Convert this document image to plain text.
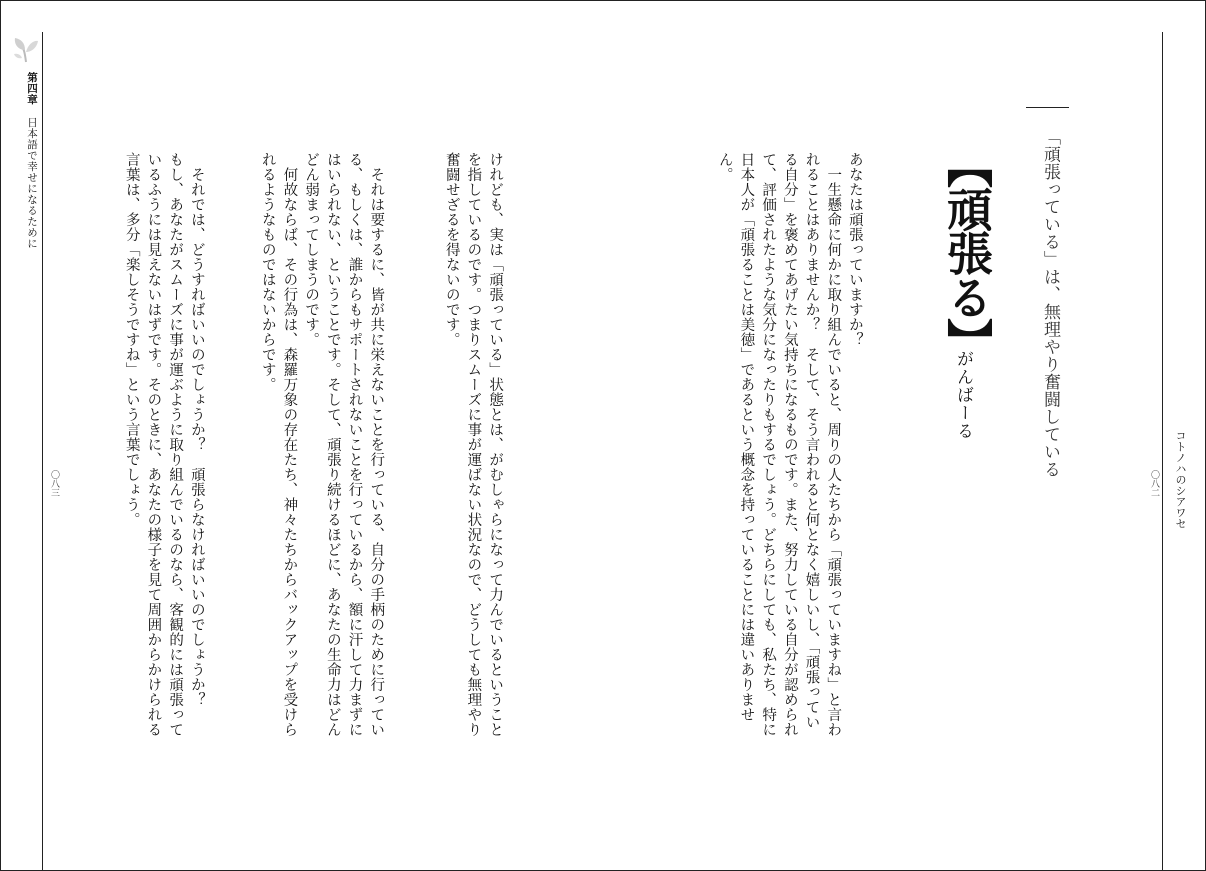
第四章日本語で幸せになるために
コトノハのシアワセ
〇八三	〇八二
「頑張っている」は、無理やり奮闘している
【頑張る】
がんばーる

あなたは頑張っていますか？

一生懸命に何かに取り組んでいると、周りの人たちから「頑張っていますね」と言われることはありませんか？　そして、そう言われると何となく嬉しいし、「頑張っている自分」を褒めてあげたい気持ちになるものです。また、努力している自分が認められて、評価されたような気分になったりもするでしょう。どちらにしても、私たち、特に日本人が「頑張ることは美徳」であるという概念を持っていることには違いありません。

けれども、実は「頑張っている」状態とは、がむしゃらになって力んでいるということを指しているのです。つまりスムーズに事が運ばない状況なので、どうしても無理やり奮闘せざるを得ないのです。

それは要するに、皆が共に栄えないことを行っている、自分の手柄のために行っている、もしくは、誰からもサポートされないことを行っているから、額に汗して力まずにはいられない、ということです。そして、頑張り続けるほどに、あなたの生命力はどんどん弱まってしまうのです。

何故ならば、その行為は、森羅万象の存在たち、神々たちからバックアップを受けられるようなものではないからです。

それでは、どうすればいいのでしょうか？　頑張らなければいいのでしょうか？

もし、あなたがスムーズに事が運ぶように取り組んでいるのなら、客観的には頑張っているふうには見えないはずです。そのときに、あなたの様子を見て周囲からかけられる言葉は、多分「楽しそうですね」という言葉でしょう。
